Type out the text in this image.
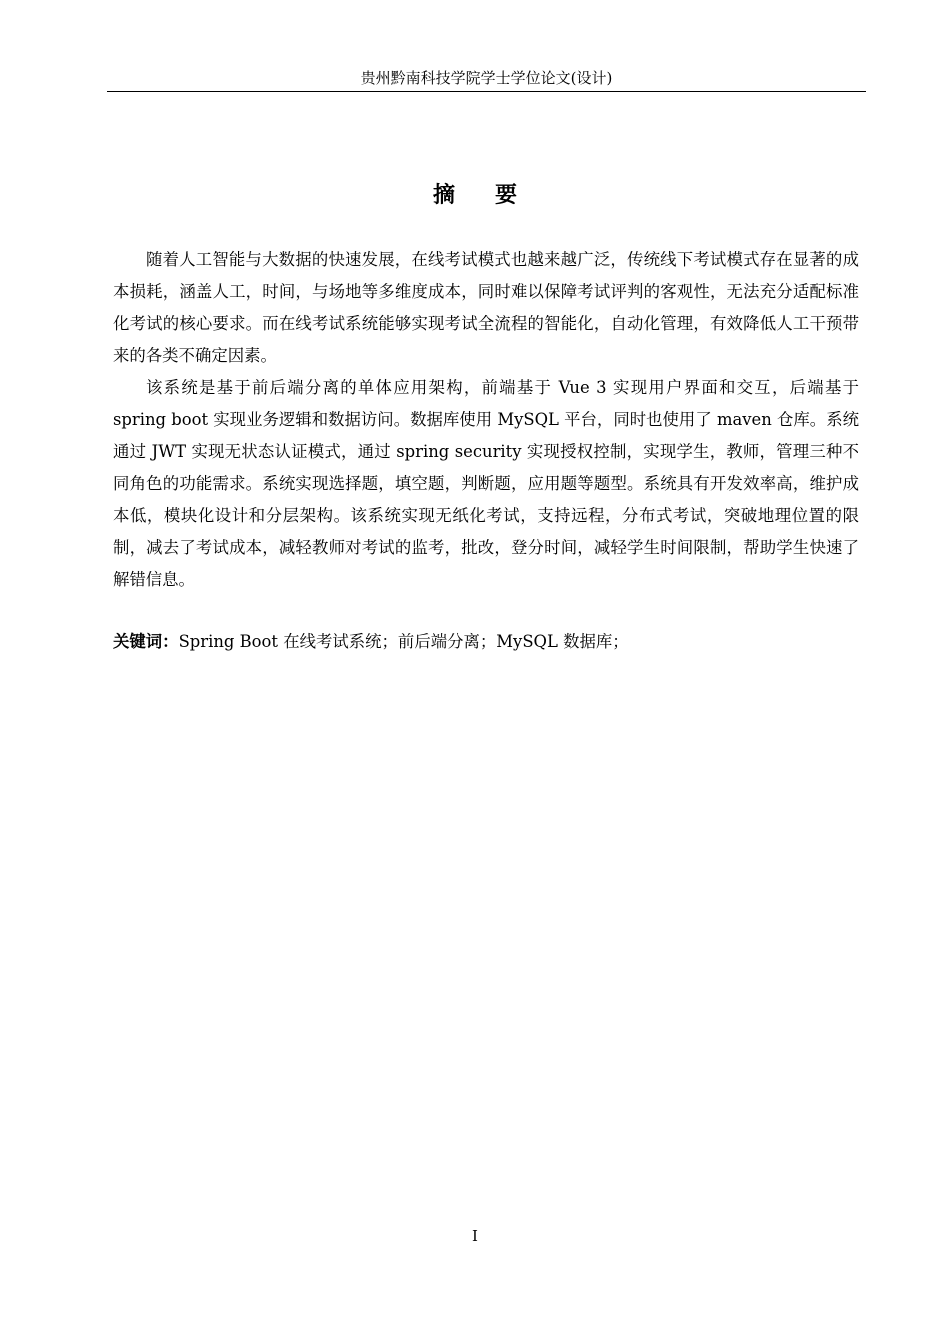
贵州黔南科技学院学士学位论文(设计)
摘要

随着人工智能与大数据的快速发展，在线考试模式也越来越广泛，传统线下考试模式存在显著的成本损耗，涵盖人工，时间，与场地等多维度成本，同时难以保障考试评判的客观性，无法充分适配标准化考试的核心要求。而在线考试系统能够实现考试全流程的智能化，自动化管理，有效降低人工干预带来的各类不确定因素。

该系统是基于前后端分离的单体应用架构，前端基于 Vue 3 实现用户界面和交互，后端基于 spring boot 实现业务逻辑和数据访问。数据库使用 MySQL 平台，同时也使用了 maven 仓库。系统通过 JWT 实现无状态认证模式，通过 spring security 实现授权控制，实现学生，教师，管理三种不同角色的功能需求。系统实现选择题，填空题，判断题，应用题等题型。系统具有开发效率高，维护成本低，模块化设计和分层架构。该系统实现无纸化考试，支持远程，分布式考试，突破地理位置的限制，减去了考试成本，减轻教师对考试的监考，批改，登分时间，减轻学生时间限制，帮助学生快速了解错信息。

关键词：Spring Boot 在线考试系统；前后端分离；MySQL 数据库；
I
